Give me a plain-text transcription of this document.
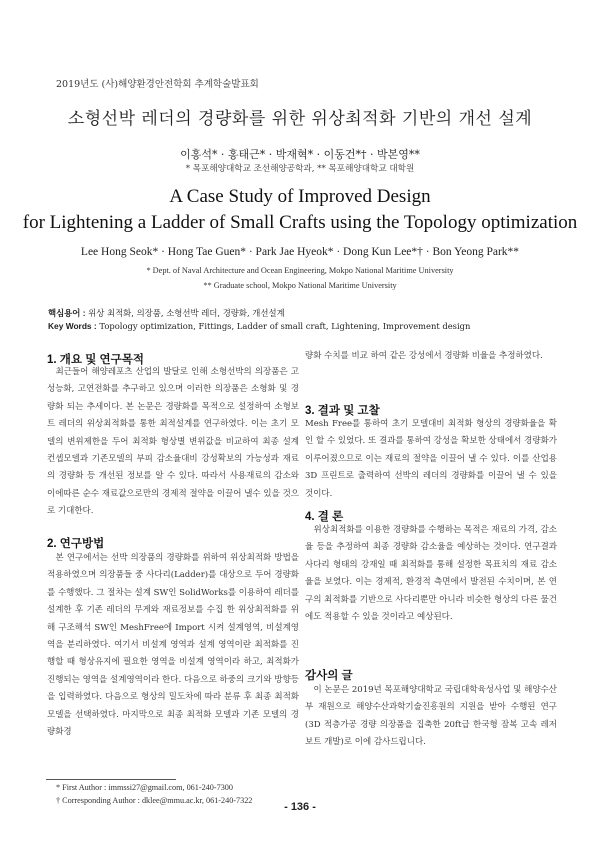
2019년도 (사)해양환경안전학회 추계학술발표회
소형선박 레더의 경량화를 위한 위상최적화 기반의 개선 설계
이홍석* · 홍태근* · 박재혁* · 이동건*† · 박본영**
* 목포해양대학교 조선해양공학과, ** 목포해양대학교 대학원
A Case Study of Improved Design
for Lightening a Ladder of Small Crafts using the Topology optimization
Lee Hong Seok* · Hong Tae Guen* · Park Jae Hyeok* · Dong Kun Lee*† · Bon Yeong Park**
* Dept. of Naval Architecture and Ocean Engineering, Mokpo National Maritime University
** Graduate school, Mokpo National Maritime University
핵심용어 : 위상 최적화, 의장품, 소형선박 레더, 경량화, 개선설계
Key Words : Topology optimization, Fittings, Ladder of small craft, Lightening, Improvement design
1. 개요 및 연구목적

최근들어 해양레포츠 산업의 발달로 인해 소형선박의 의장품은 고성능화, 고연전화를 추구하고 있으며 이러한 의장품은 소형화 및 경량화 되는 추세이다. 본 논문은 경량화를 목적으로 설정하여 소형보트 레더의 위상최적화를 통한 최적설계를 연구하였다. 이는 초기 모델의 변위제한을 두어 최적화 형상별 변위값을 비교하여 최종 설계 컨셉모델과 기존모델의 부피 감소율대비 강성확보의 가능성과 재료의 경량화 등 개선된 정보를 알 수 있다. 따라서 사용재료의 감소와 이에따른 순수 재료값으로만의 경제적 절약을 이끌어 낼수 있을 것으로 기대한다.

2. 연구방법

본 연구에서는 선박 의장품의 경량화를 위하여 위상최적화 방법을 적용하였으며 의장품들 중 사다리(Ladder)를 대상으로 두어 경량화를 수행했다. 그 절차는 설계 SW인 SolidWorks를 이용하여 레더를 설계한 후 기존 레더의 무게와 재료정보를 수집 한 위상최적화를 위해 구조해석 SW인 MeshFree에 Import 시켜 설계영역, 비설계영역을 분리하였다. 여기서 비설계 영역과 설계 영역이란 최적화를 진행할 때 형상유지에 필요한 영역을 비설계 영역이라 하고, 최적화가 진행되는 영역을 설계영역이라 한다. 다음으로 하중의 크기와 방향등을 입력하였다. 다음으로 형상의 밀도차에 따라 분류 후 최종 최적화 모델을 선택하였다. 마지막으로 최종 최적화 모델과 기존 모델의 경량화경

량화 수치를 비교 하여 같은 강성에서 경량화 비율을 추정하였다.

3. 결과 및 고찰

Mesh Free를 통하여 초기 모델대비 최적화 형상의 경량화율을 확인 할 수 있었다. 또 결과를 통하여 강성을 확보한 상태에서 경량화가 이루어졌으므로 이는 재료의 절약을 이끌어 낼 수 있다. 이를 산업용 3D 프린트로 출력하여 선박의 레더의 경량화를 이끌어 낼 수 있을 것이다.

4. 결 론

위상최적화를 이용한 경량화를 수행하는 목적은 재료의 가격, 감소율 등을 추정하여 최종 경량화 감소율을 예상하는 것이다. 연구결과 사다리 형태의 강재일 때 최적화를 통해 설정한 목표치의 재료 감소율을 보였다. 이는 경제적, 환경적 측면에서 발전된 수치이며, 본 연구의 최적화를 기반으로 사다리뿐만 아니라 비슷한 형상의 다른 물건에도 적용할 수 있을 것이라고 예상된다.

감사의 글

이 논문은 2019년 목포해양대학교 국립대학육성사업 및 해양수산부 재원으로 해양수산과학기술진흥원의 지원을 받아 수행된 연구(3D 적층가공 경량 의장품을 집축한 20ft급 한국형 잠복 고속 레저보트 개발)로 이에 감사드립니다.

* First Author : immssi27@gmail.com, 061-240-7300
† Corresponding Author : dklee@mmu.ac.kr, 061-240-7322
- 136 -
